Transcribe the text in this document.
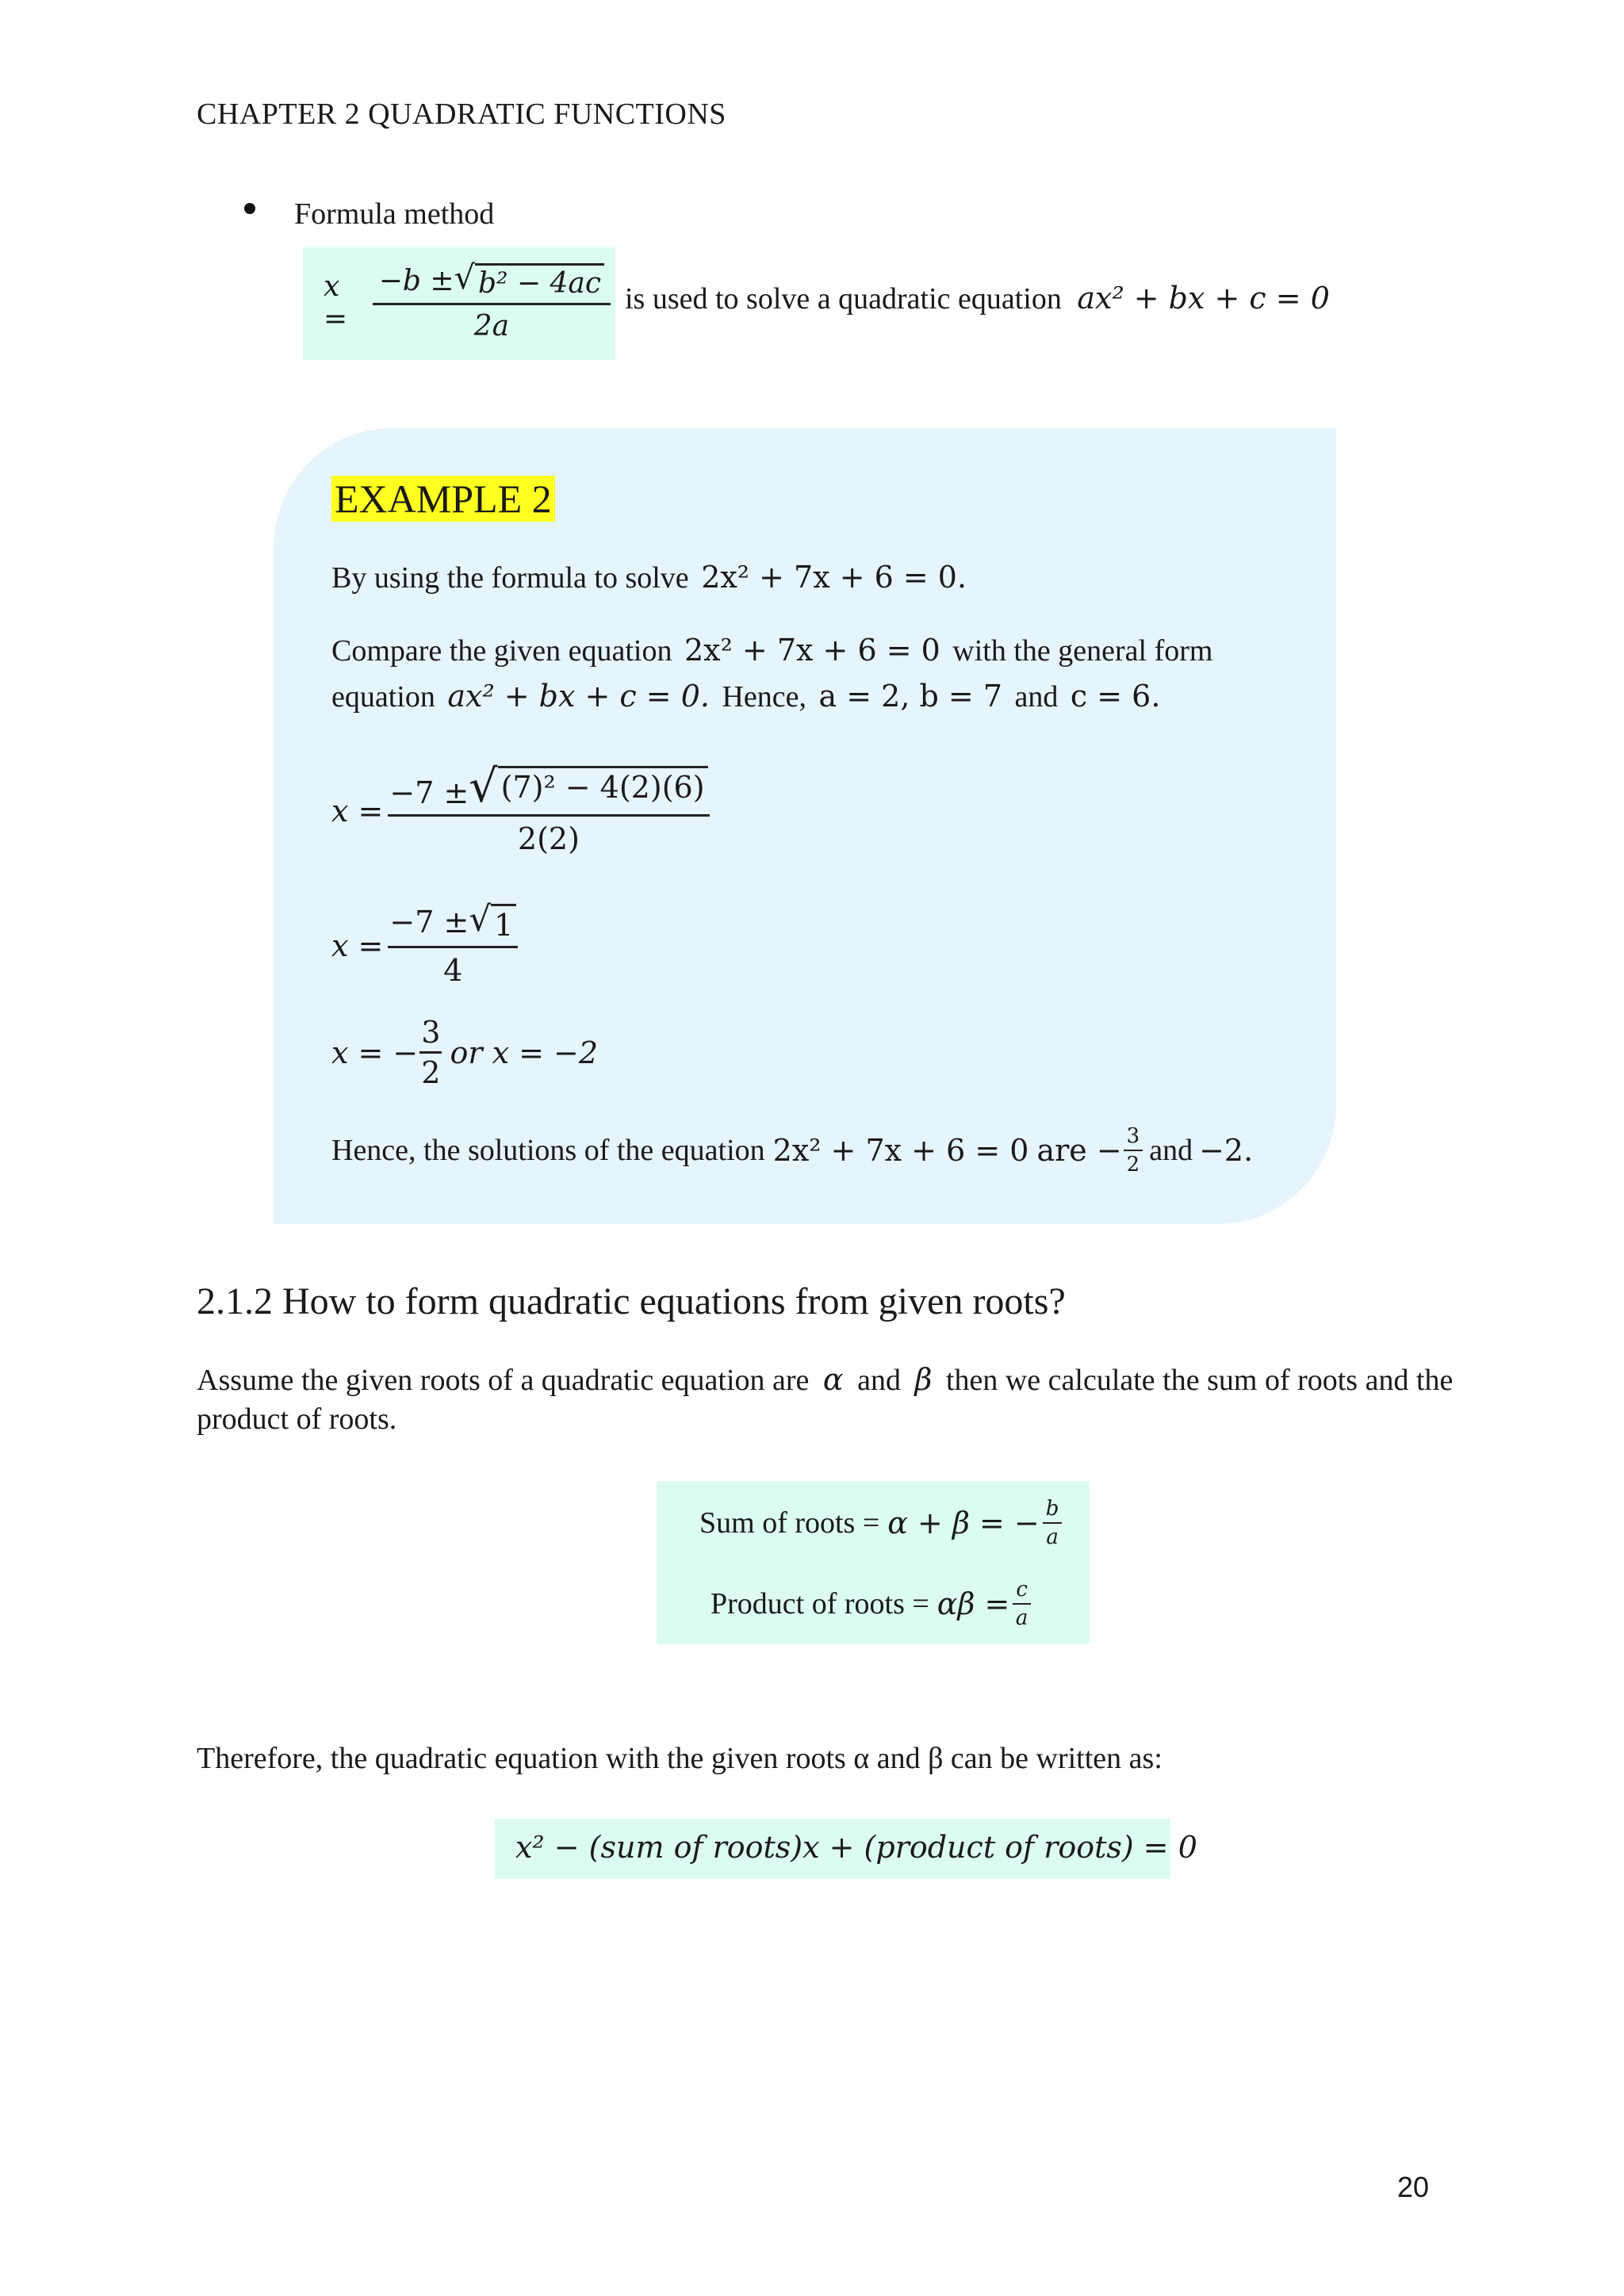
CHAPTER 2 QUADRATIC FUNCTIONS
Formula method
$x = \frac{\text{−b ± √ b² − 4ac}}{2a}$ is used to solve a quadratic equation ax² + bx + c = 0
EXAMPLE 2
By using the formula to solve 2x² + 7x + 6 = 0.
Compare the given equation 2x² + 7x + 6 = 0 with the general form
equation ax² + bx + c = 0. Hence, a = 2, b = 7 and c = 6.
$x = \frac{\text{−7 ± √ (7)² − 4(2)(6)}}{2(2)}$
$x = \frac{-7 \pm √ 1}{4}$
x = − $\frac{3}{2}$ or x = −2
Hence, the solutions of the equation 2x² + 7x + 6 = 0 are − $\frac{3}{2}$ and −2.
2.1.2 How to form quadratic equations from given roots?
Assume the given roots of a quadratic equation are α and β then we calculate the sum of roots and the
product of roots.
Sum of roots = α + β = − $\frac{b}{a}$
Product of roots = $\alpha\beta = \frac{c}{a}$
Therefore, the quadratic equation with the given roots α and β can be written as:
x² − (sum of roots)x + (product of roots) = 0
20
